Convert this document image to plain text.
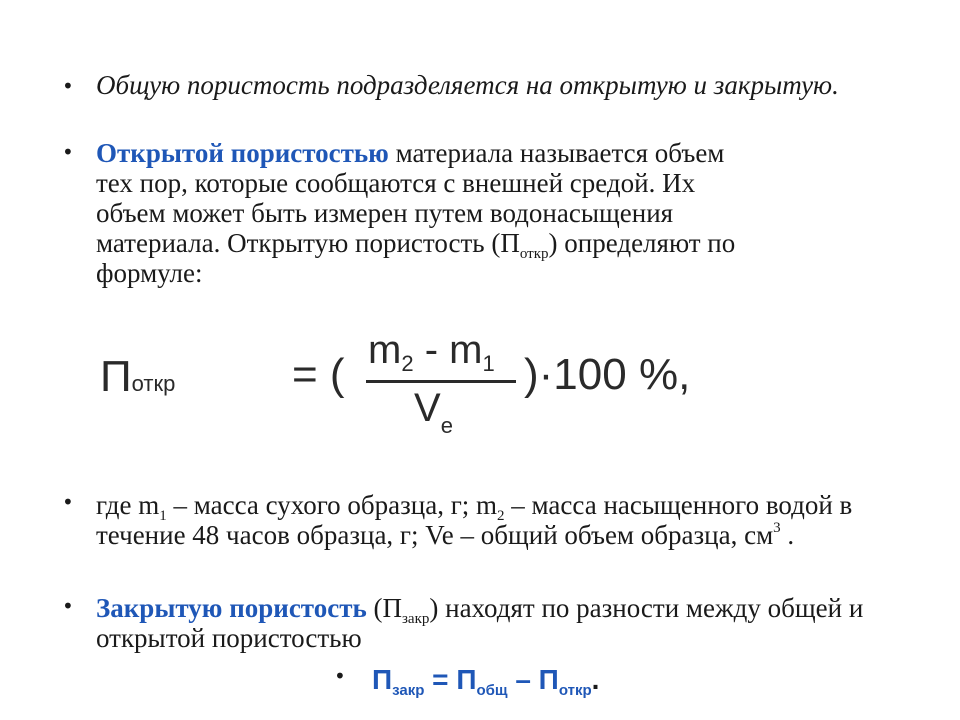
• Общую пористость подразделяется на открытую и закрытую.
• Открытой пористостью материала называется объем
тех пор, которые сообщаются с внешней средой. Их
объем может быть измерен путем водонасыщения
материала. Открытую пористость $(П_{откр})$ определяют по
формуле:
Поткр	= ( $m_2 - m_1$
$V_e$
)·100 %,
• где $m_1$ – масса сухого образца, г; $m_2$ – масса насыщенного водой в течение 48 часов образца, г; Ve – общий объем образца, $см^3$ .
• Закрытую пористость $(П_{закр})$ находят по разности между общей и открытой пористостью
• $П_{закр} = П_{общ} - П_{откр}$.
